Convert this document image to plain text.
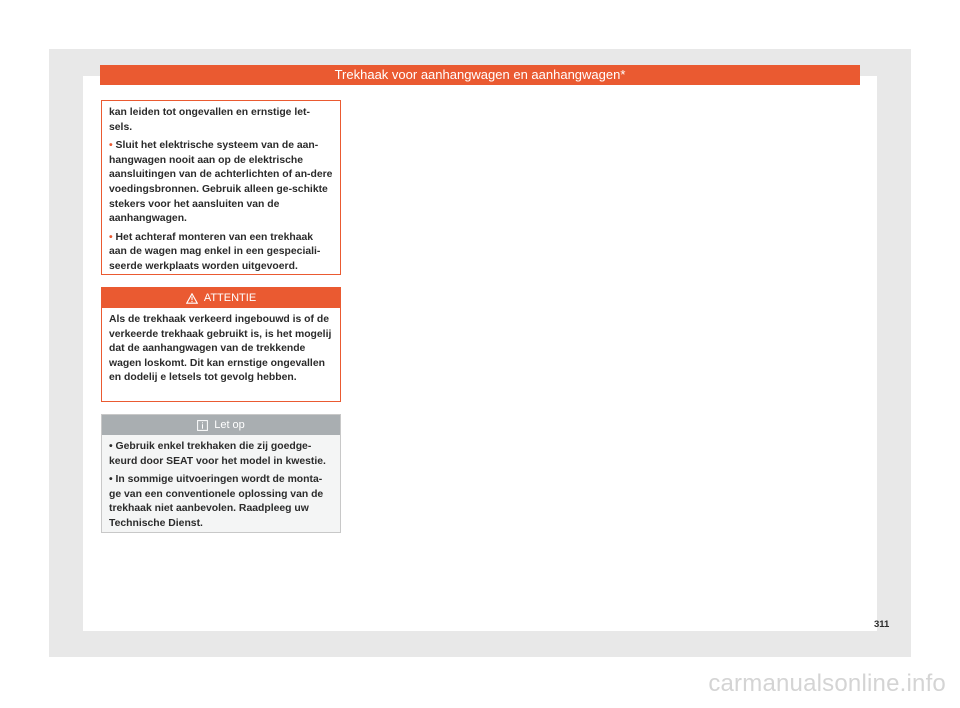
Trekhaak voor aanhangwagen en aanhangwagen*

kan leiden tot ongevallen en ernstige let-sels.

• Sluit het elektrische systeem van de aan-hangwagen nooit aan op de elektrische aansluitingen van de achterlichten of an-dere voedingsbronnen. Gebruik alleen ge-schikte stekers voor het aansluiten van de aanhangwagen.

• Het achteraf monteren van een trekhaak aan de wagen mag enkel in een gespeciali-seerde werkplaats worden uitgevoerd.

ATTENTIE

Als de trekhaak verkeerd ingebouwd is of de verkeerde trekhaak gebruikt is, is het mogelij dat de aanhangwagen van de trekkende wagen loskomt. Dit kan ernstige ongevallen en dodelij e letsels tot gevolg hebben.

Let op

• Gebruik enkel trekhaken die zij goedge-keurd door SEAT voor het model in kwestie.

• In sommige uitvoeringen wordt de monta-ge van een conventionele oplossing van de trekhaak niet aanbevolen. Raadpleeg uw Technische Dienst.

311
carmanualsonline.info
